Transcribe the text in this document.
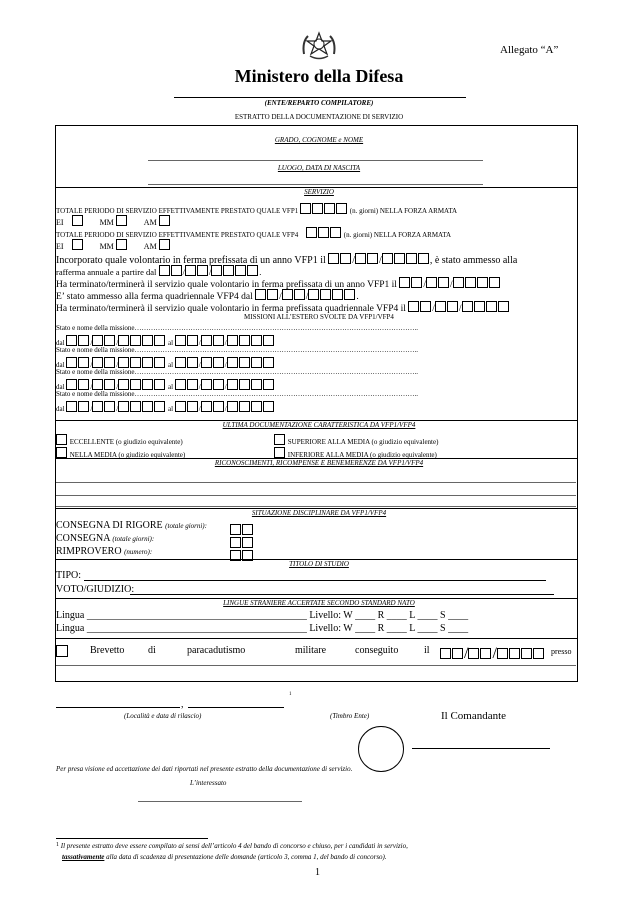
Allegato “A”
Ministero della Difesa
(ENTE/REPARTO COMPILATORE)
ESTRATTO DELLA DOCUMENTAZIONE DI SERVIZIO
GRADO, COGNOME e NOME
LUOGO, DATA DI NASCITA
SERVIZIO
TOTALE PERIODO DI SERVIZIO EFFETTIVAMENTE PRESTATO QUALE VFP1	(n. giorni) NELLA FORZA ARMATA
EI	MM	AM
TOTALE PERIODO DI SERVIZIO EFFETTIVAMENTE PRESTATO QUALE VFP4	(n. giorni) NELLA FORZA ARMATA
EI	MM	AM
Incorporato quale volontario in ferma prefissata di un anno VFP1 il	/ /	, è stato ammesso alla
rafferma annuale a partire dal	/	/	.
Ha terminato/terminerà il servizio quale volontario in ferma prefissata di un anno VFP1 il	/	/
E’ stato ammesso alla ferma quadriennale VFP4 dal	/	/	.
Ha terminato/terminerà il servizio quale volontario in ferma prefissata quadriennale VFP4 il	/	/
MISSIONI ALL’ESTERO SVOLTE DA VFP1/VFP4
Stato e nome della missione…………………………………………………………………………………………………………..
dal	/	/	al	/	/
Stato e nome della missione…………………………………………………………………………………………………………..
dal	/	/	al	/	/
Stato e nome della missione…………………………………………………………………………………………………………..
dal	/	/	al	/	/
Stato e nome della missione…………………………………………………………………………………………………………..
dal	/	/	al	/	/
ULTIMA DOCUMENTAZIONE CARATTERISTICA DA VFP1/VFP4
ECCELLENTE (o giudizio equivalente)	SUPERIORE ALLA MEDIA (o giudizio equivalente)
NELLA MEDIA (o giudizio equivalente)	INFERIORE ALLA MEDIA (o giudizio equivalente)
RICONOSCIMENTI, RICOMPENSE E BENEMERENZE DA VFP1/VFP4
SITUAZIONE DISCIPLINARE DA VFP1/VFP4
CONSEGNA DI RIGORE (totale giorni):
CONSEGNA (totale giorni):
RIMPROVERO (numero):
TITOLO DI STUDIO
TIPO:
VOTO/GIUDIZIO:
LINGUE STRANIERE ACCERTATE SECONDO STANDARD NATO
Lingua ____________________________________________ Livello: W ____ R ____ L ____ S ____
Lingua ____________________________________________ Livello: W ____ R ____ L ____ S ____
Brevetto di	paracadutismo	militare	conseguito	il	/ /	presso
,
1
(Località e data di rilascio)	(Timbro Ente)	Il Comandante
Per presa visione ed accettazione dei dati riportati nel presente estratto della documentazione di servizio.
L’interessato
1 Il presente estratto deve essere compilato ai sensi dell’articolo 4 del bando di concorso e chiuso, per i candidati in servizio,
tassativamente alla data di scadenza di presentazione delle domande (articolo 3, comma 1, del bando di concorso).
1
